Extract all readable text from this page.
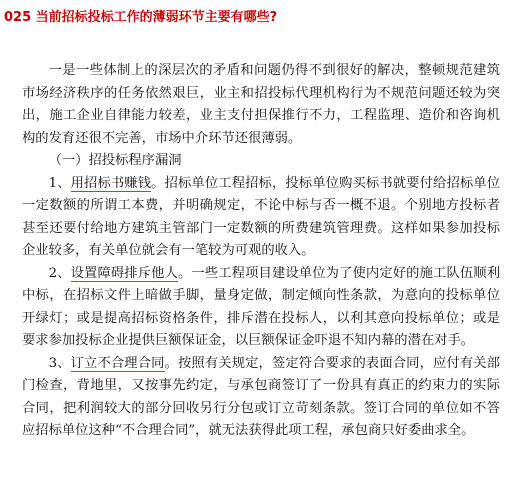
025 当前招标投标工作的薄弱环节主要有哪些?

一是一些体制上的深层次的矛盾和问题仍得不到很好的解决，整顿规范建筑市场经济秩序的任务依然艰巨，业主和招投标代理机构行为不规范问题还较为突出，施工企业自律能力较差，业主支付担保推行不力，工程监理、造价和咨询机构的发育还很不完善，市场中介环节还很薄弱。

（一）招投标程序漏洞

1、用招标书赚钱。招标单位工程招标，投标单位购买标书就要付给招标单位一定数额的所谓工本费，并明确规定，不论中标与否一概不退。个别地方投标者甚至还要付给地方建筑主管部门一定数额的所费建筑管理费。这样如果参加投标企业较多，有关单位就会有一笔较为可观的收入。

2、设置障碍排斥他人。一些工程项目建设单位为了使内定好的施工队伍顺利中标，在招标文件上暗做手脚，量身定做，制定倾向性条款，为意向的投标单位开绿灯；或是提高招标资格条件，排斥潜在投标人，以利其意向投标单位；或是要求参加投标企业提供巨额保证金，以巨额保证金吓退不知内幕的潜在对手。

3、订立不合理合同。按照有关规定，签定符合要求的表面合同，应付有关部门检查，背地里，又按事先约定，与承包商签订了一份具有真正的约束力的实际合同，把利润较大的部分回收另行分包或订立苛刻条款。签订合同的单位如不答应招标单位这种“不合理合同”，就无法获得此项工程，承包商只好委曲求全。
